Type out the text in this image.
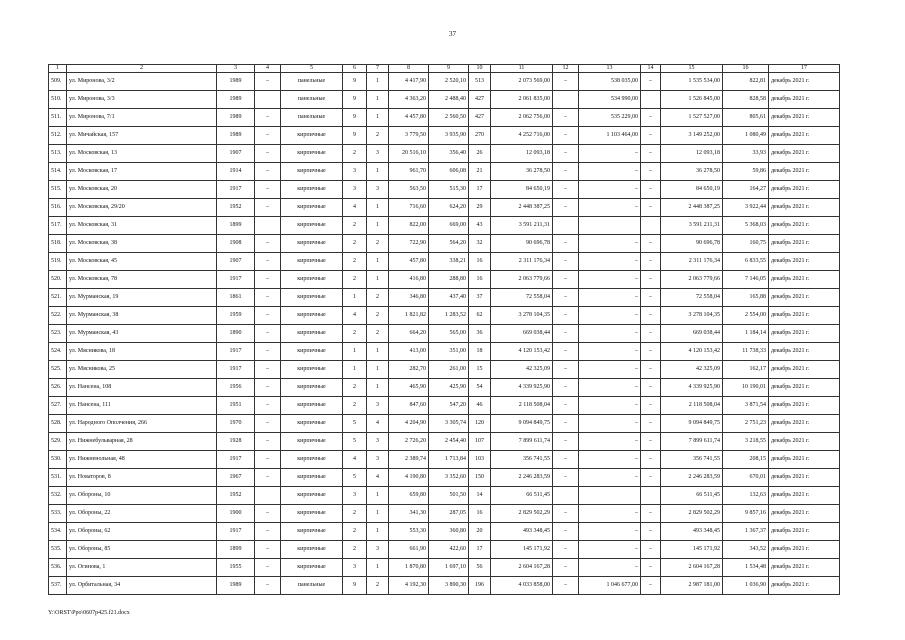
37
1	2	3	4	5	6	7	8	9	10	11	12	13	14	15	16	17
509.	ул. Миронова, 3/2	1989	–	панельные	9	1	4 417,90	2 520,10	513	2 073 569,00	–	538 035,00	–	1 535 534,00	822,81	декабрь 2021 г.
510.	ул. Миронова, 3/3	1989		панельные	9	1	4 363,20	2 488,40	427	2 061 835,00		534 990,00		1 526 845,00	828,58	декабрь 2021 г.
511.	ул. Миронова, 7/1	1989	–	панельные	9	1	4 457,80	2 560,50	427	2 062 756,00	–	535 229,00	–	1 527 527,00	805,61	декабрь 2021 г.
512.	ул. Мичайская, 157	1989	–	кирпичные	9	2	3 779,50	3 935,90	270	4 252 716,00	–	1 103 464,00	–	3 149 252,00	1 080,49	декабрь 2021 г.
513.	ул. Московская, 13	1907	–	кирпичные	2	3	20 516,10	356,40	26	12 093,18	–	–	–	12 093,18	33,93	декабрь 2021 г.
514.	ул. Московская, 17	1914	–	кирпичные	3	1	961,70	606,08	21	36 278,50	–	–	–	36 278,50	59,86	декабрь 2021 г.
515.	ул. Московская, 20	1917	–	кирпичные	3	3	563,50	515,30	17	84 650,19	–	–	–	84 650,19	164,27	декабрь 2021 г.
516.	ул. Московская, 29/20	1952	–	кирпичные	4	1	716,60	624,20	29	2 448 387,25	–	–	–	2 448 387,25	3 922,44	декабрь 2021 г.
517.	ул. Московская, 31	1899		кирпичные	2	1	822,00	669,00	43	3 591 211,31				3 591 211,31	5 368,03	декабрь 2021 г.
518.	ул. Московская, 38	1908	–	кирпичные	2	2	722,90	564,20	32	90 696,78	–	–	–	90 696,78	160,75	декабрь 2021 г.
519.	ул. Московская, 45	1907	–	кирпичные	2	1	457,80	338,21	16	2 311 176,34	–	–	–	2 311 176,34	6 833,55	декабрь 2021 г.
520.	ул. Московская, 78	1917	–	кирпичные	2	1	416,80	288,80	16	2 063 779,66	–	–	–	2 063 779,66	7 146,05	декабрь 2021 г.
521.	ул. Мурманская, 19	1861	–	кирпичные	1	2	346,80	437,40	37	72 558,04	–	–	–	72 558,04	165,88	декабрь 2021 г.
522.	ул. Мурманская, 38	1959	–	кирпичные	4	2	1 821,82	1 283,52	62	3 278 104,35	–	–	–	3 278 104,35	2 554,00	декабрь 2021 г.
523.	ул. Мурманская, 43	1890	–	кирпичные	2	2	664,20	565,00	36	669 038,44	–	–	–	669 038,44	1 184,14	декабрь 2021 г.
524.	ул. Мясникова, 18	1917	–	кирпичные	1	1	413,00	351,00	18	4 120 153,42	–	–	–	4 120 153,42	11 738,33	декабрь 2021 г.
525.	ул. Мясникова, 25	1917	–	кирпичные	1	1	282,70	261,00	15	42 325,09	–	–	–	42 325,09	162,17	декабрь 2021 г.
526.	ул. Нансена, 108	1956	–	кирпичные	2	1	465,90	425,90	54	4 339 925,90	–	–	–	4 339 925,90	10 190,01	декабрь 2021 г.
527.	ул. Нансена, 111	1951	–	кирпичные	2	3	847,60	547,20	46	2 118 508,04	–	–	–	2 118 508,04	3 871,54	декабрь 2021 г.
528.	ул. Народного Ополчения, 266	1970	–	кирпичные	5	4	4 204,90	3 305,74	120	9 094 849,75	–	–	–	9 094 849,75	2 751,23	декабрь 2021 г.
529.	ул. Нижнебульварная, 28	1928	–	кирпичные	5	3	2 726,20	2 454,40	107	7 899 611,74	–	–	–	7 899 611,74	3 218,55	декабрь 2021 г.
530.	ул. Нижненольная, 48	1917	–	кирпичные	4	3	2 389,74	1 713,84	103	356 741,55	–	–	–	356 741,55	208,15	декабрь 2021 г.
531.	ул. Новаторов, 8	1967	–	кирпичные	5	4	4 190,80	3 352,60	150	2 246 283,59	–	–	–	2 246 283,59	670,01	декабрь 2021 г.
532.	ул. Обороны, 10	1952		кирпичные	3	1	659,80	501,50	14	66 511,45				66 511,45	132,63	декабрь 2021 г.
533.	ул. Обороны, 22	1900	–	кирпичные	2	1	341,30	287,05	16	2 829 502,29	–	–	–	2 829 502,29	9 857,16	декабрь 2021 г.
534.	ул. Обороны, 62	1917	–	кирпичные	2	1	553,30	360,80	20	493 348,45	–	–	–	493 348,45	1 367,37	декабрь 2021 г.
535.	ул. Обороны, 85	1899	–	кирпичные	2	3	661,90	422,60	17	145 171,92	–	–	–	145 171,92	343,52	декабрь 2021 г.
536.	ул. Огинова, 1	1955	–	кирпичные	3	1	1 870,80	1 697,10	56	2 604 167,28	–	–	–	2 604 167,28	1 534,48	декабрь 2021 г.
537.	ул. Орбитальная, 34	1989	–	панельные	9	2	4 192,30	3 890,30	196	4 033 858,00	–	1 046 677,00	–	2 987 181,00	1 036,90	декабрь 2021 г.
Y:\ORST\Ppo\0607p425.f21.docx
